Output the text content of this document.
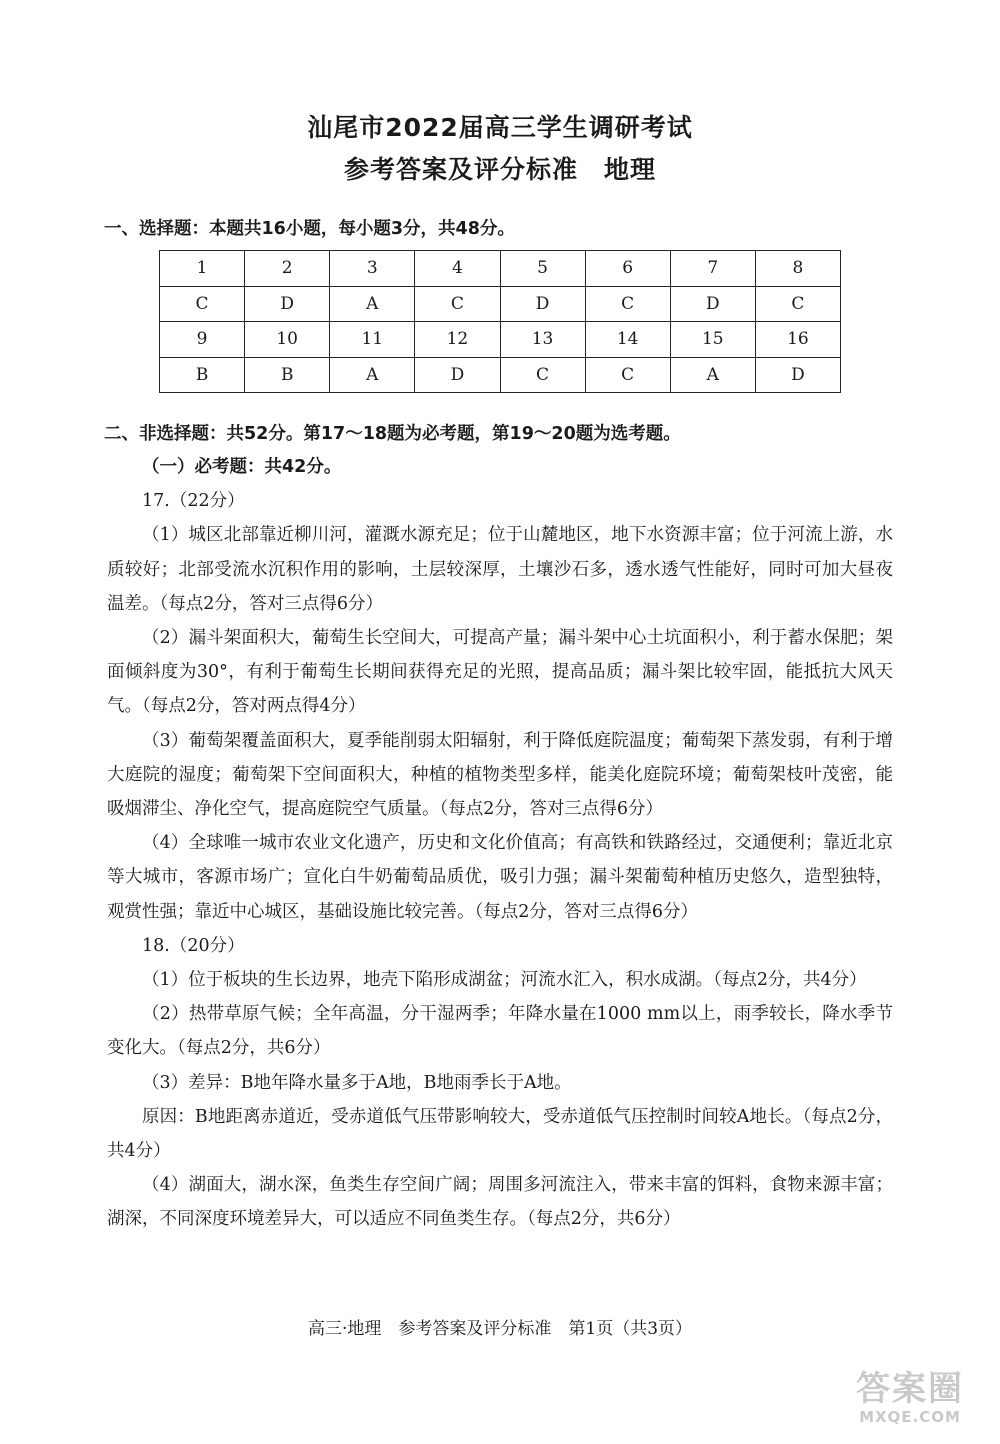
汕尾市2022届高三学生调研考试
参考答案及评分标准　地理
一、选择题：本题共16小题，每小题3分，共48分。
1	2	3	4	5	6	7	8
C	D	A	C	D	C	D	C
9	10	11	12	13	14	15	16
B	B	A	D	C	C	A	D
二、非选择题：共52分。第17～18题为必考题，第19～20题为选考题。

（一）必考题：共42分。

17.（22分）

（1）城区北部靠近柳川河，灌溉水源充足；位于山麓地区，地下水资源丰富；位于河流上游，水质较好；北部受流水沉积作用的影响，土层较深厚，土壤沙石多，透水透气性能好，同时可加大昼夜温差。（每点2分，答对三点得6分）

（2）漏斗架面积大，葡萄生长空间大，可提高产量；漏斗架中心土坑面积小，利于蓄水保肥；架面倾斜度为30°，有利于葡萄生长期间获得充足的光照，提高品质；漏斗架比较牢固，能抵抗大风天气。（每点2分，答对两点得4分）

（3）葡萄架覆盖面积大，夏季能削弱太阳辐射，利于降低庭院温度；葡萄架下蒸发弱，有利于增大庭院的湿度；葡萄架下空间面积大，种植的植物类型多样，能美化庭院环境；葡萄架枝叶茂密，能吸烟滞尘、净化空气，提高庭院空气质量。（每点2分，答对三点得6分）

（4）全球唯一城市农业文化遗产，历史和文化价值高；有高铁和铁路经过，交通便利；靠近北京等大城市，客源市场广；宣化白牛奶葡萄品质优，吸引力强；漏斗架葡萄种植历史悠久，造型独特，观赏性强；靠近中心城区，基础设施比较完善。（每点2分，答对三点得6分）

18.（20分）

（1）位于板块的生长边界，地壳下陷形成湖盆；河流水汇入，积水成湖。（每点2分，共4分）

（2）热带草原气候；全年高温，分干湿两季；年降水量在1000 mm以上，雨季较长，降水季节变化大。（每点2分，共6分）

（3）差异：B地年降水量多于A地，B地雨季长于A地。

原因：B地距离赤道近，受赤道低气压带影响较大，受赤道低气压控制时间较A地长。（每点2分，共4分）

（4）湖面大，湖水深，鱼类生存空间广阔；周围多河流注入，带来丰富的饵料，食物来源丰富；湖深，不同深度环境差异大，可以适应不同鱼类生存。（每点2分，共6分）

高三·地理　参考答案及评分标准　第1页（共3页）
答案圈
MXQE.COM
